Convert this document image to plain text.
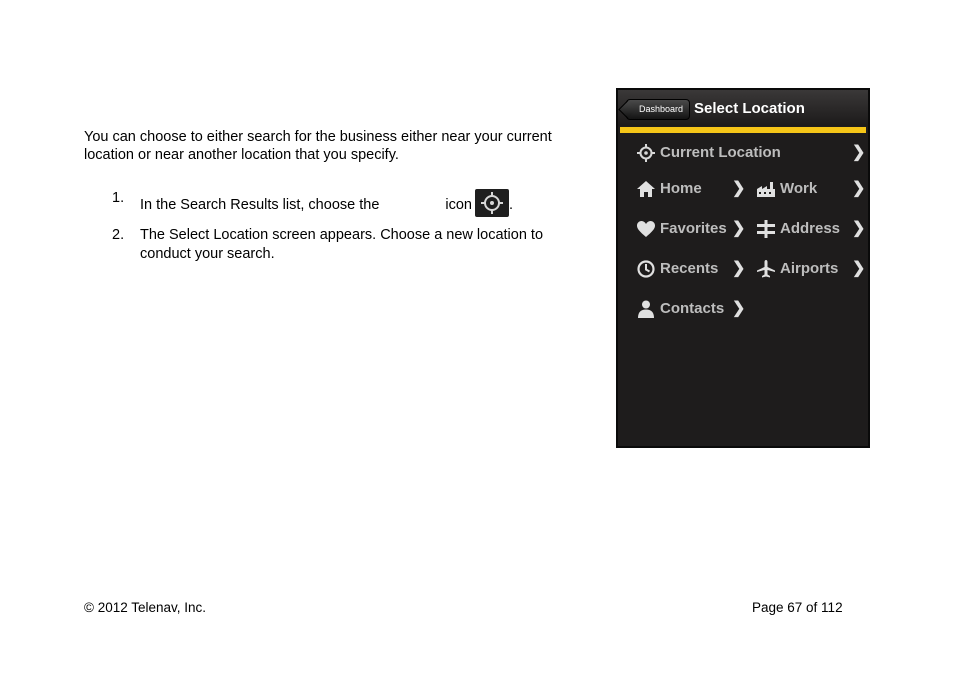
You can choose to either search for the business either near your current location or near another location that you specify.

1. In the Search Results list, choose the	icon	.
2. The Select Location screen appears. Choose a new location to conduct your search.
Dashboard Select Location
Current Location	❯
Home ❯ Work ❯
Favorites ❯ Address ❯
Recents ❯ Airports ❯
Contacts ❯
© 2012 Telenav, Inc.	Page 67 of 112
